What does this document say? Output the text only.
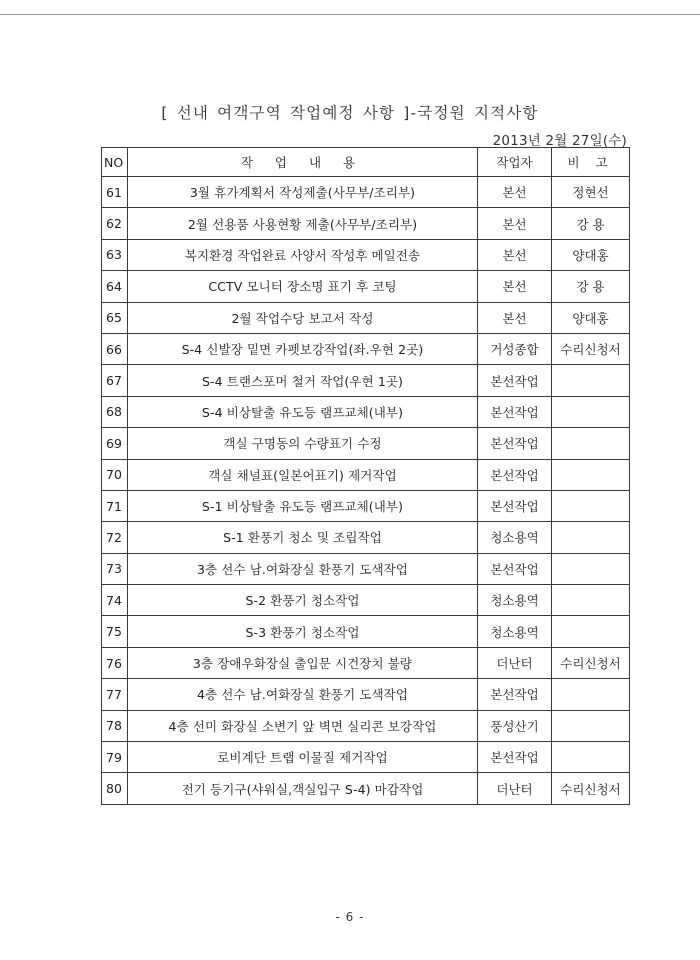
[ 선내 여객구역 작업예정 사항 ]-국정원 지적사항
2013년 2월 27일(수)
NO	작 업 내 용	작업자	비 고
61	3월 휴가계획서 작성제출(사무부/조리부)	본선	정현선
62	2월 선용품 사용현황 제출(사무부/조리부)	본선	강 용
63	복지환경 작업완료 사양서 작성후 메일전송	본선	양대홍
64	CCTV 모니터 장소명 표기 후 코팅	본선	강 용
65	2월 작업수당 보고서 작성	본선	양대홍
66	S-4 신발장 밑면 카펫보강작업(좌.우현 2곳)	거성종합	수리신청서
67	S-4 트랜스포머 철거 작업(우현 1곳)	본선작업	
68	S-4 비상탈출 유도등 램프교체(내부)	본선작업	
69	객실 구명동의 수량표기 수정	본선작업	
70	객실 채널표(일본어표기) 제거작업	본선작업	
71	S-1 비상탈출 유도등 램프교체(내부)	본선작업	
72	S-1 환풍기 청소 및 조립작업	청소용역	
73	3층 선수 남.여화장실 환풍기 도색작업	본선작업	
74	S-2 환풍기 청소작업	청소용역	
75	S-3 환풍기 청소작업	청소용역	
76	3층 장애우화장실 출입문 시건장치 불량	더난터	수리신청서
77	4층 선수 남.여화장실 환풍기 도색작업	본선작업	
78	4층 선미 화장실 소변기 앞 벽면 실리콘 보강작업	풍성산기	
79	로비계단 트랩 이물질 제거작업	본선작업	
80	전기 등기구(샤워실,객실입구 S-4) 마감작업	더난터	수리신청서
- 6 -
